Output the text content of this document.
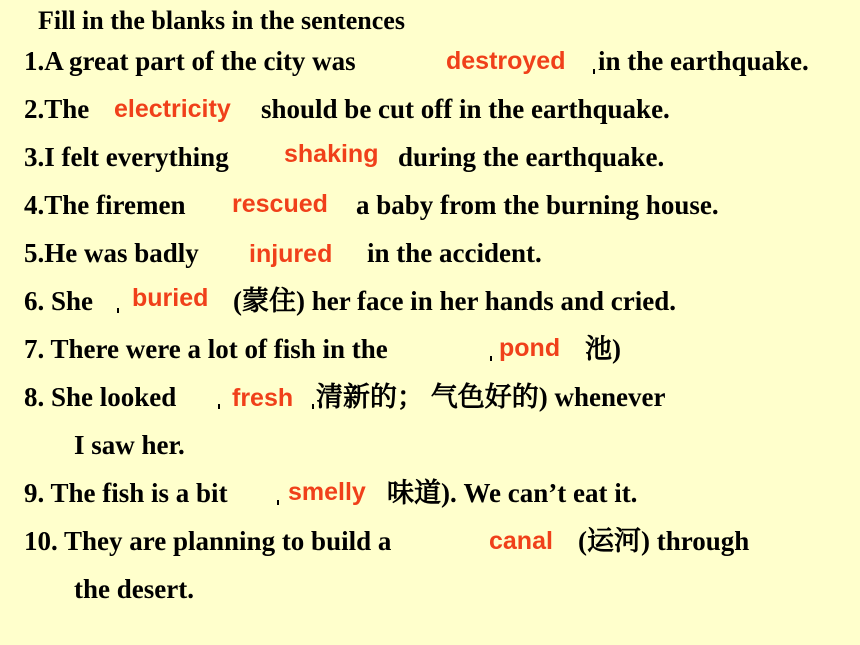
Fill in the blanks in the sentences
1.A great part of the city was	destroyed in the earthquake.
2.The electricity should be cut off in the earthquake.
3.I felt everything shaking during the earthquake.
4.The firemen rescued a baby from the burning house.
5.He was badly injured in the accident.
6. She buried (蒙住) her face in her hands and cried.
7. There were a lot of fish in the	pond 池)
8. She looked fresh 清新的； 气色好的) whenever
I saw her.
9. The fish is a bit smelly 味道). We can’t eat it.
10. They are planning to build a	canal (运河) through
the desert.
